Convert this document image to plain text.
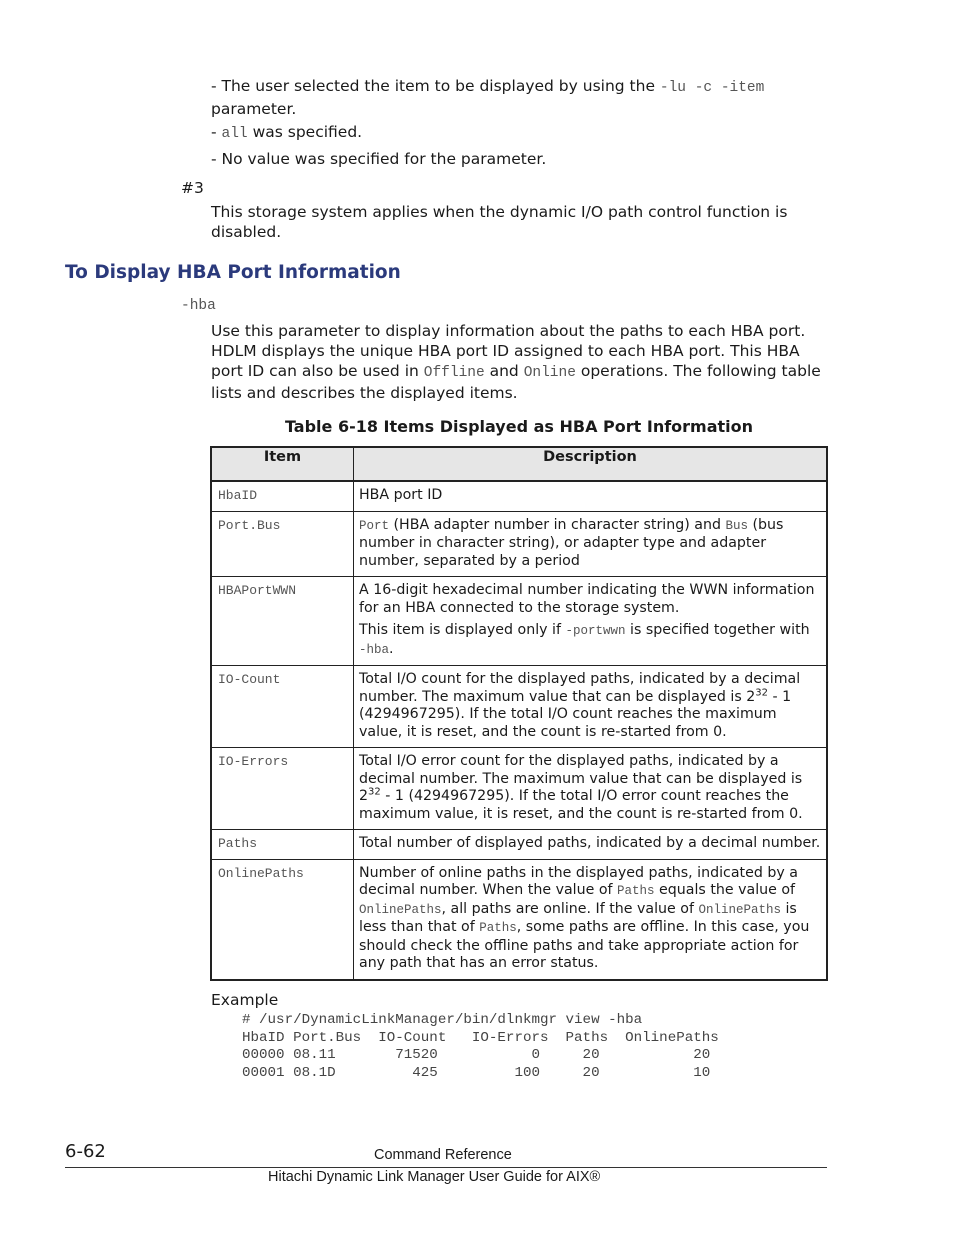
- The user selected the item to be displayed by using the -lu -c -item
parameter.

- all was specified.

- No value was specified for the parameter.

#3
This storage system applies when the dynamic I/O path control function is disabled.
To Display HBA Port Information
-hba
Use this parameter to display information about the paths to each HBA port. HDLM displays the unique HBA port ID assigned to each HBA port. This HBA port ID can also be used in Offline and Online operations. The following table lists and describes the displayed items.
Table 6-18 Items Displayed as HBA Port Information
Item	Description
HbaID	HBA port ID
Port.Bus	Port (HBA adapter number in character string) and Bus (bus number in character string), or adapter type and adapter number, separated by a period
HBAPortWWN	A 16-digit hexadecimal number indicating the WWN information for an HBA connected to the storage system.

This item is displayed only if -portwwn is specified together with -hba.

IO-Count	Total I/O count for the displayed paths, indicated by a decimal number. The maximum value that can be displayed is $2^{32} - 1$ (4294967295). If the total I/O count reaches the maximum value, it is reset, and the count is re-started from 0.
IO-Errors	Total I/O error count for the displayed paths, indicated by a decimal number. The maximum value that can be displayed is $2^{32} - 1$ (4294967295). If the total I/O error count reaches the maximum value, it is reset, and the count is re-started from 0.
Paths	Total number of displayed paths, indicated by a decimal number.
OnlinePaths	Number of online paths in the displayed paths, indicated by a decimal number. When the value of Paths equals the value of OnlinePaths, all paths are online. If the value of OnlinePaths is less than that of Paths, some paths are offline. In this case, you should check the offline paths and take appropriate action for any path that has an error status.
Example
# /usr/DynamicLinkManager/bin/dlnkmgr view -hba
HbaID Port.Bus  IO-Count   IO-Errors  Paths  OnlinePaths
00000 08.11       71520           0     20           20
00001 08.1D         425         100     20           10
6-62	Command Reference
Hitachi Dynamic Link Manager User Guide for AIX®
